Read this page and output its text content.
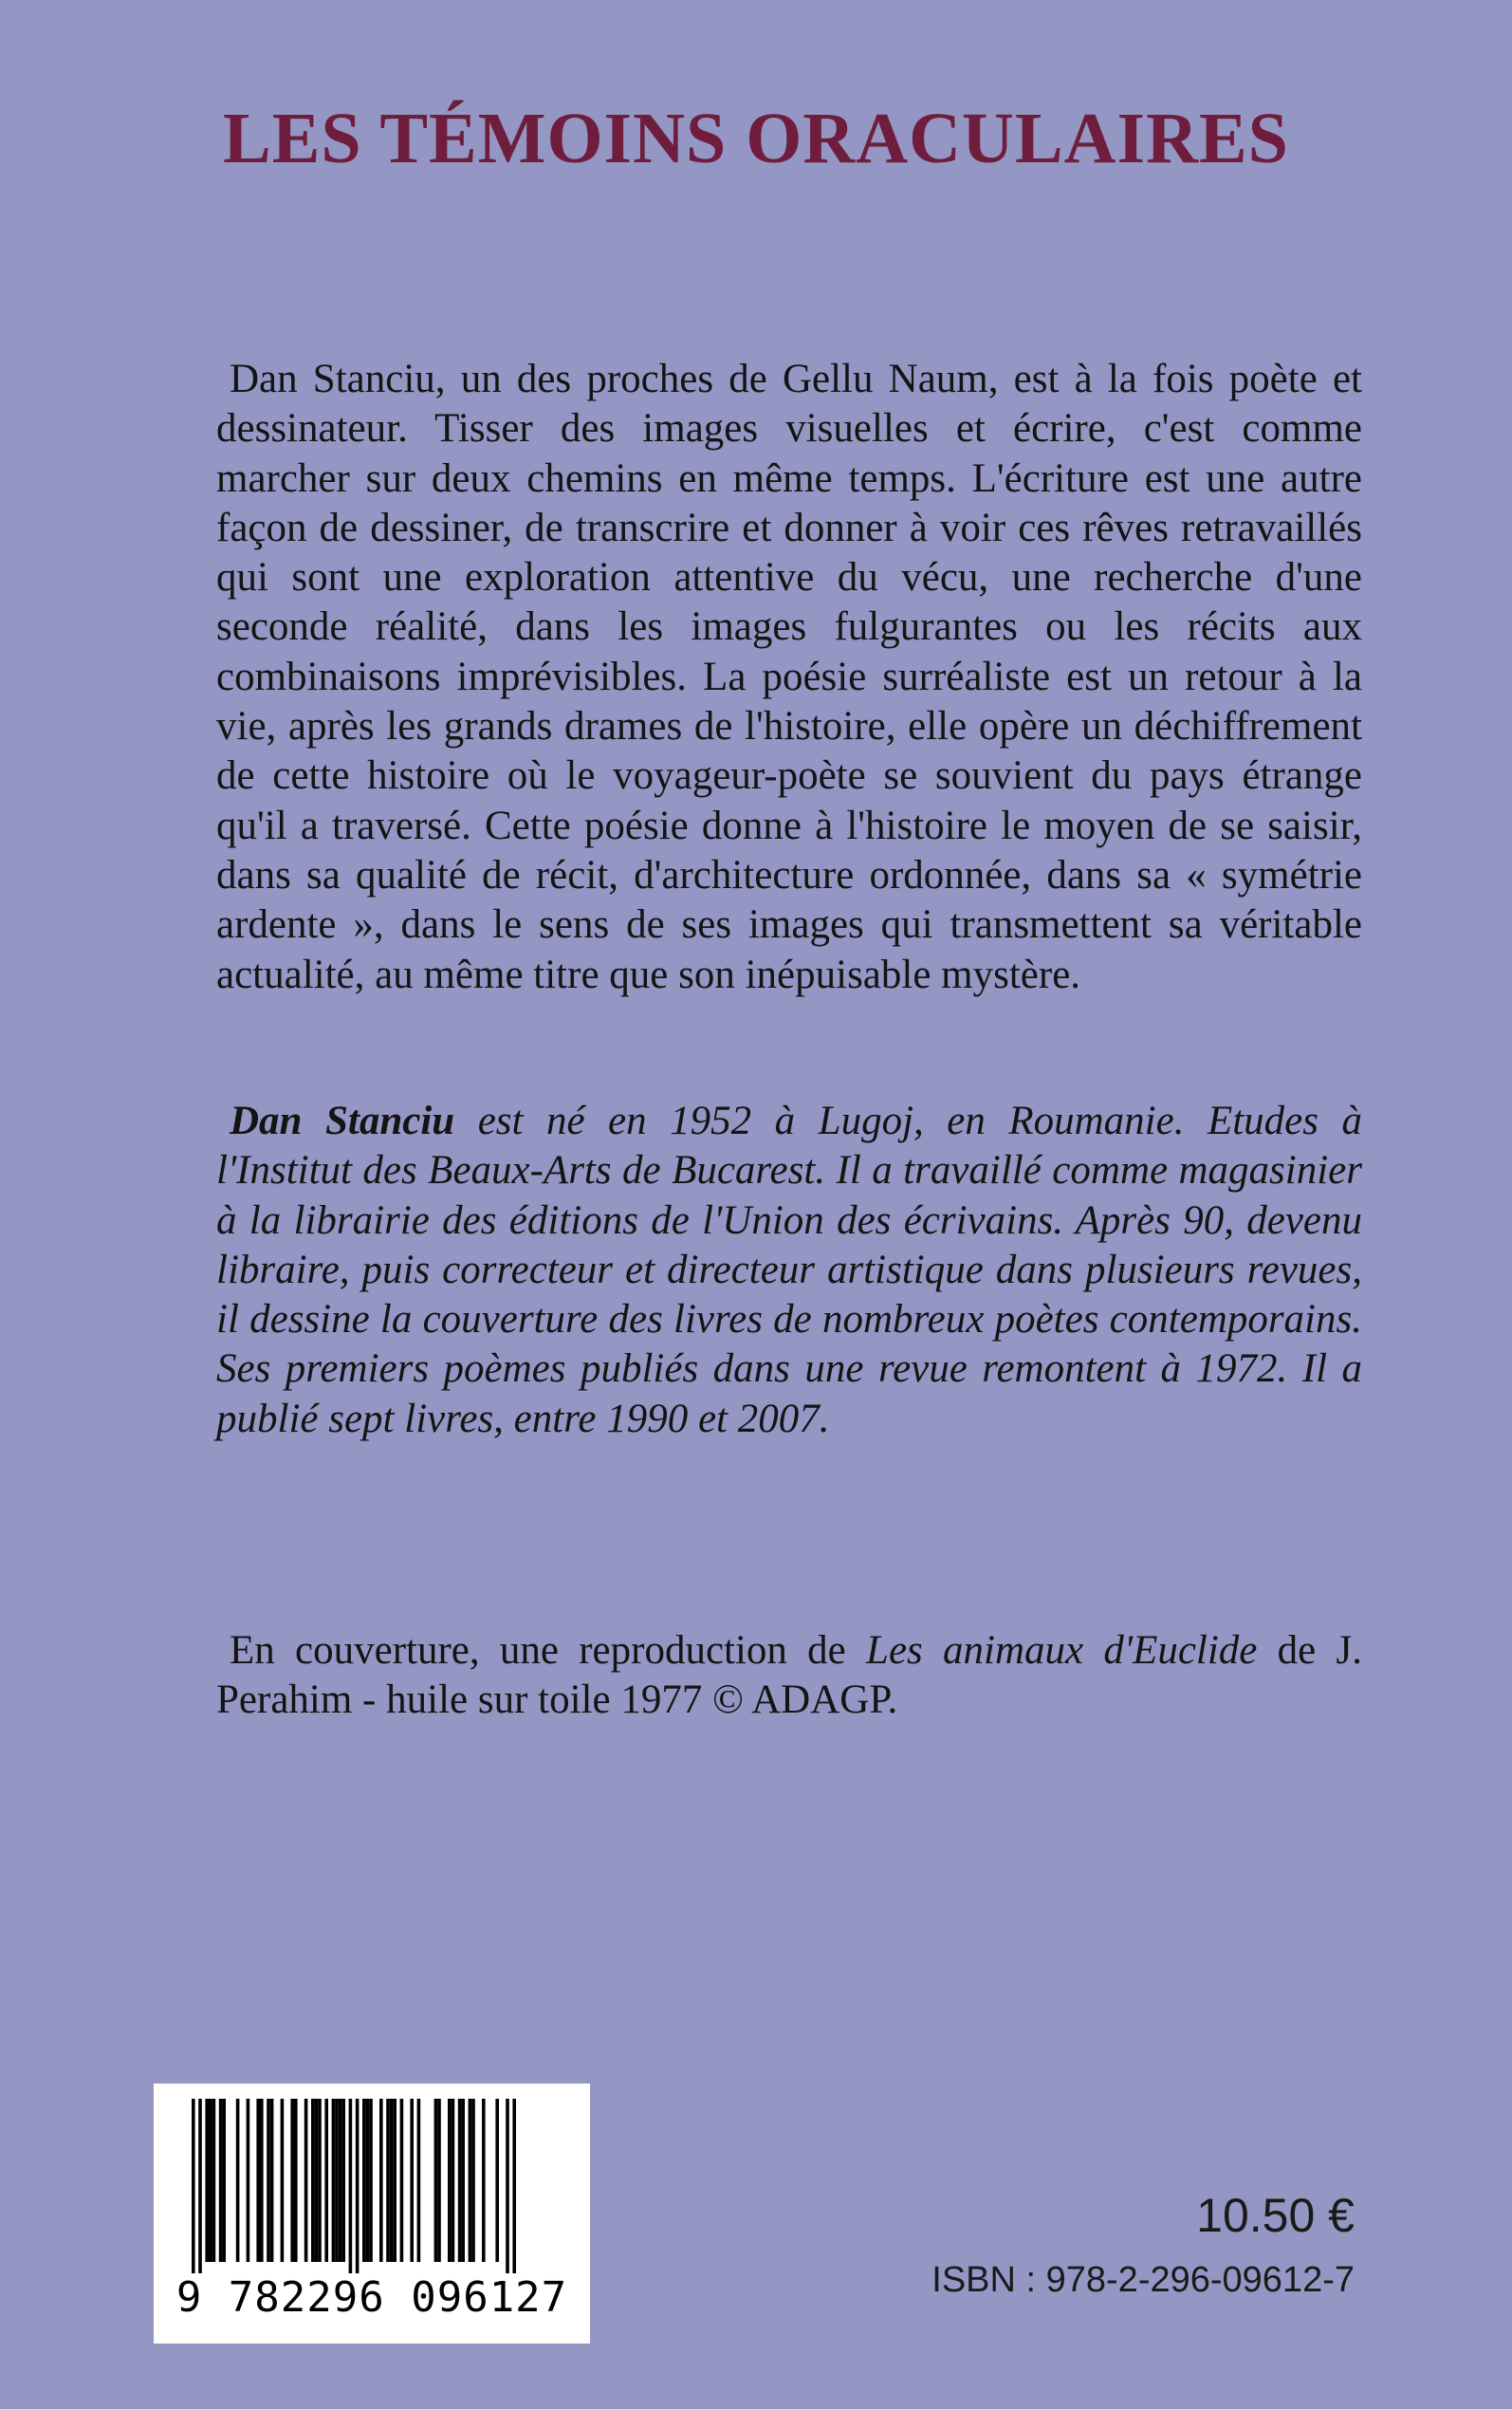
LES TÉMOINS ORACULAIRES

Dan Stanciu, un des proches de Gellu Naum, est à la fois poète et dessinateur. Tisser des images visuelles et écrire, c'est comme marcher sur deux chemins en même temps. L'écriture est une autre façon de dessiner, de transcrire et donner à voir ces rêves retravaillés qui sont une exploration attentive du vécu, une recherche d'une seconde réalité, dans les images fulgurantes ou les récits aux combinaisons imprévisibles. La poésie surréaliste est un retour à la vie, après les grands drames de l'histoire, elle opère un déchiffrement de cette histoire où le voyageur-poète se souvient du pays étrange qu'il a traversé. Cette poésie donne à l'histoire le moyen de se saisir, dans sa qualité de récit, d'architecture ordonnée, dans sa « symétrie ardente », dans le sens de ses images qui transmettent sa véritable actualité, au même titre que son inépuisable mystère.

Dan Stanciu est né en 1952 à Lugoj, en Roumanie. Etudes à l'Institut des Beaux-Arts de Bucarest. Il a travaillé comme magasinier à la librairie des éditions de l'Union des écrivains. Après 90, devenu libraire, puis correcteur et directeur artistique dans plusieurs revues, il dessine la couverture des livres de nombreux poètes contemporains. Ses premiers poèmes publiés dans une revue remontent à 1972. Il a publié sept livres, entre 1990 et 2007.

En couverture, une reproduction de Les animaux d'Euclide de J. Perahim - huile sur toile 1977 © ADAGP.

9 782296 096127
10.50 €
ISBN : 978-2-296-09612-7
